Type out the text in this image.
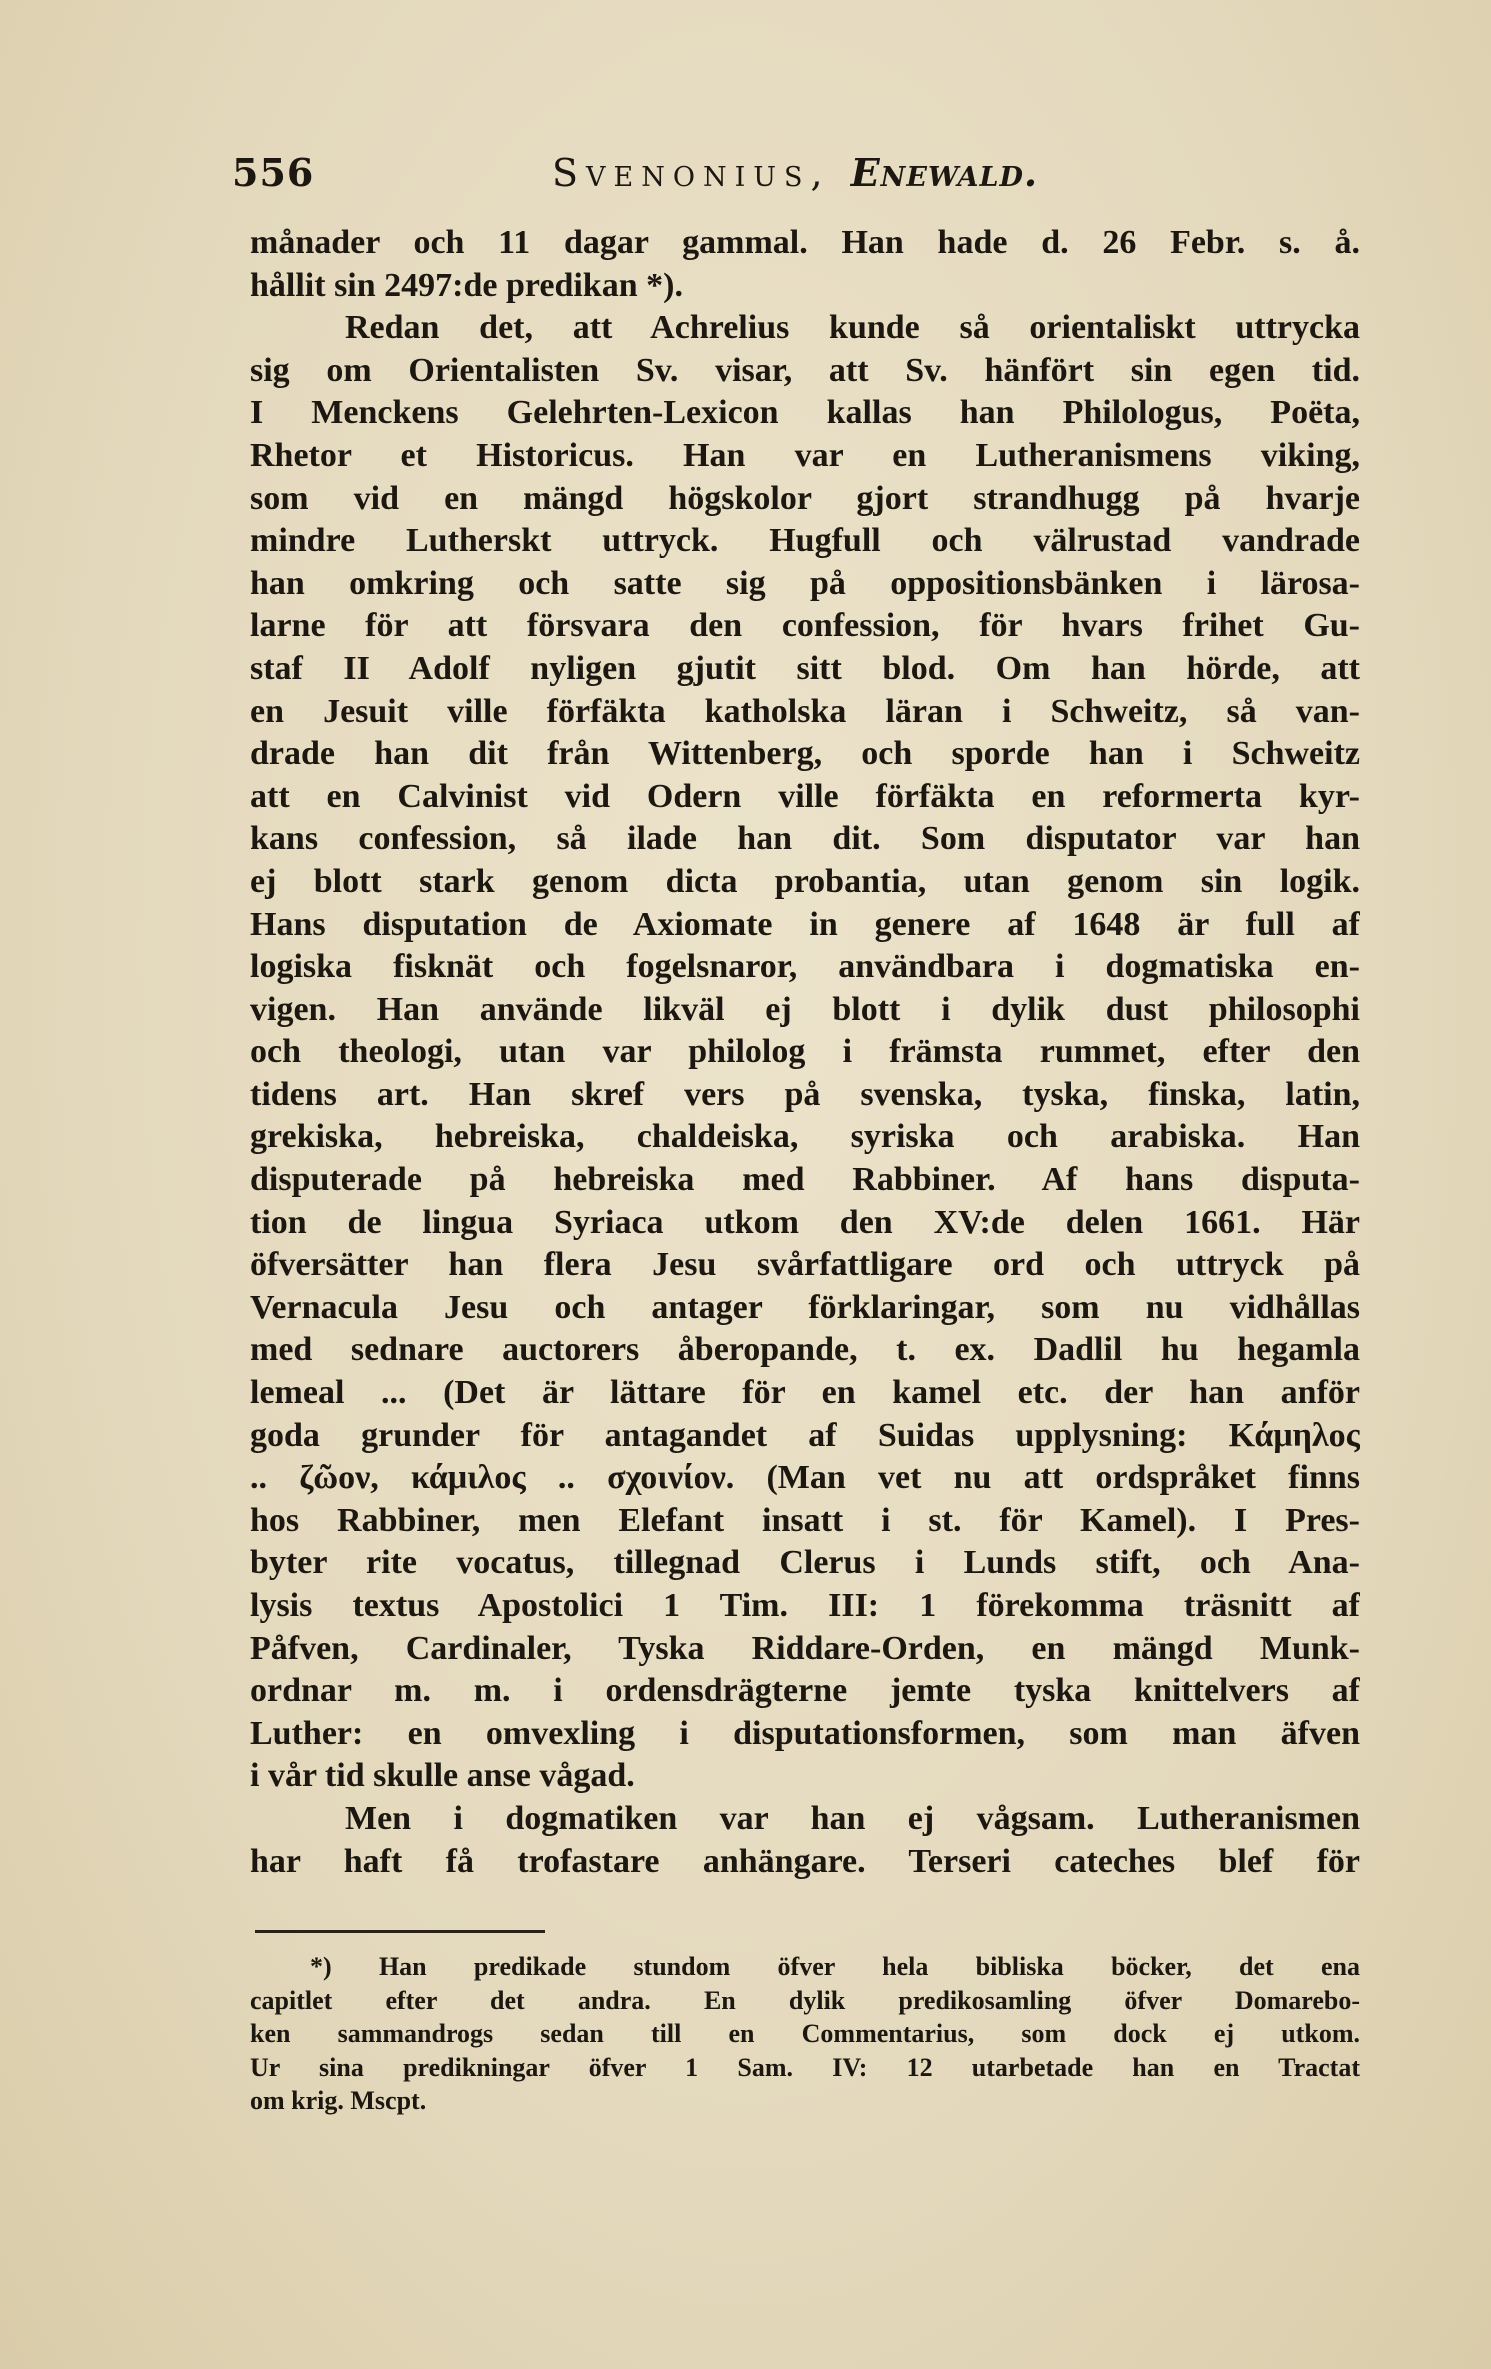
556	Svenonius, Enewald.
månader och 11 dagar gammal. Han hade d. 26 Febr. s. å.
hållit sin 2497:de predikan *).
Redan det, att Achrelius kunde så orientaliskt uttrycka
sig om Orientalisten Sv. visar, att Sv. hänfört sin egen tid.
I Menckens Gelehrten-Lexicon kallas han Philologus, Poëta,
Rhetor et Historicus. Han var en Lutheranismens viking,
som vid en mängd högskolor gjort strandhugg på hvarje
mindre Lutherskt uttryck. Hugfull och välrustad vandrade
han omkring och satte sig på oppositionsbänken i lärosa-
larne för att försvara den confession, för hvars frihet Gu-
staf II Adolf nyligen gjutit sitt blod. Om han hörde, att
en Jesuit ville förfäkta katholska läran i Schweitz, så van-
drade han dit från Wittenberg, och sporde han i Schweitz
att en Calvinist vid Odern ville förfäkta en reformerta kyr-
kans confession, så ilade han dit. Som disputator var han
ej blott stark genom dicta probantia, utan genom sin logik.
Hans disputation de Axiomate in genere af 1648 är full af
logiska fisknät och fogelsnaror, användbara i dogmatiska en-
vigen. Han använde likväl ej blott i dylik dust philosophi
och theologi, utan var philolog i främsta rummet, efter den
tidens art. Han skref vers på svenska, tyska, finska, latin,
grekiska, hebreiska, chaldeiska, syriska och arabiska. Han
disputerade på hebreiska med Rabbiner. Af hans disputa-
tion de lingua Syriaca utkom den XV:de delen 1661. Här
öfversätter han flera Jesu svårfattligare ord och uttryck på
Vernacula Jesu och antager förklaringar, som nu vidhållas
med sednare auctorers åberopande, t. ex. Dadlil hu hegamla
lemeal ... (Det är lättare för en kamel etc. der han anför
goda grunder för antagandet af Suidas upplysning: Κάμηλος
.. ζῶον, κάμιλος .. σχοινίον. (Man vet nu att ordspråket finns
hos Rabbiner, men Elefant insatt i st. för Kamel). I Pres-
byter rite vocatus, tillegnad Clerus i Lunds stift, och Ana-
lysis textus Apostolici 1 Tim. III: 1 förekomma träsnitt af
Påfven, Cardinaler, Tyska Riddare-Orden, en mängd Munk-
ordnar m. m. i ordensdrägterne jemte tyska knittelvers af
Luther: en omvexling i disputationsformen, som man äfven
i vår tid skulle anse vågad.
Men i dogmatiken var han ej vågsam. Lutheranismen
har haft få trofastare anhängare. Terseri cateches blef för
*) Han predikade stundom öfver hela bibliska böcker, det ena
capitlet efter det andra. En dylik predikosamling öfver Domarebo-
ken sammandrogs sedan till en Commentarius, som dock ej utkom.
Ur sina predikningar öfver 1 Sam. IV: 12 utarbetade han en Tractat
om krig. Mscpt.
